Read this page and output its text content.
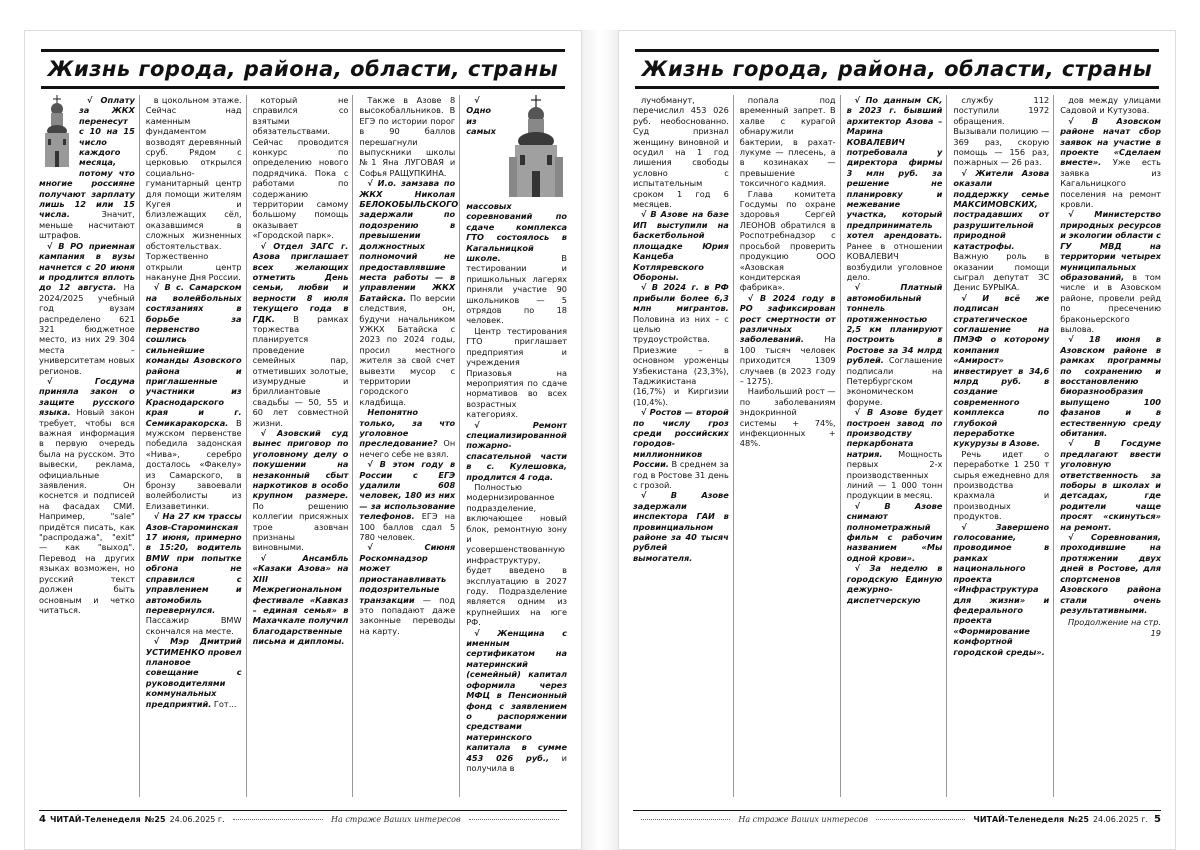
Жизнь города, района, области, страны

√ Оплату за ЖКХ перенесут с 10 на 15 число каждого месяца, потому что многие россияне получают зарплату лишь 12 или 15 числа. Значит, меньше насчитают штрафов.

√ В РО приемная кампания в вузы начнется с 20 июня и продлится вплоть до 12 августа. На 2024/2025 учебный год вузам распределено 621 321 бюджетное место, из них 29 304 места – университетам новых регионов.

√ Госдума приняла закон о защите русского языка. Новый закон требует, чтобы вся важная информация в первую очередь была на русском. Это вывески, реклама, официальные заявления. Он коснется и подписей на фасадах СМИ. Например, "sale" придётся писать, как "распродажа", "exit" — как "выход". Перевод на других языках возможен, но русский текст должен быть основным и четко читаться.

в цокольном этаже. Сейчас над каменным фундаментом возводят деревянный сруб. Рядом с церковью открылся социально-гуманитарный центр для помощи жителям Кугея и близлежащих сёл, оказавшимся в сложных жизненных обстоятельствах. Торжественно открыли центр накануне Дня России.

√ В с. Самарском на волейбольных состязаниях в борьбе за первенство сошлись сильнейшие команды Азовского района и приглашенные участники из Краснодарского края и г. Семикаракорска. В мужском первенстве победила задонская «Нива», серебро досталось «Факелу» из Самарского, в бронзу завоевали волейболисты из Елизаветинки.

√ На 27 км трассы Азов-Староминская 17 июня, примерно в 15:20, водитель BMW при попытке обгона не справился с управлением и автомобиль перевернулся. Пассажир ВМW скончался на месте.

√ Мэр Дмитрий УСТИМЕНКО провел плановое совещание с руководителями коммунальных предприятий. Гот...

который не справился со взятыми обязательствами. Сейчас проводится конкурс по определению нового подрядчика. Пока с работами по содержанию территории самому большому помощь оказывает «Городской парк».

√ Отдел ЗАГС г. Азова приглашает всех желающих отметить День семьи, любви и верности 8 июля текущего года в ГДК. В рамках торжества планируется проведение семейных пар, отметивших золотые, изумрудные и бриллиантовые свадьбы — 50, 55 и 60 лет совместной жизни.

√ Азовский суд вынес приговор по уголовному делу о покушении на незаконный сбыт наркотиков в особо крупном размере. По решению коллегии присяжных трое азовчан признаны виновными.

√ Ансамбль «Казаки Азова» на XIII Межрегиональном фестивале «Кавказ – единая семья» в Махачкале получил благодарственные письма и дипломы.

Также в Азове 8 высокобалльников. В ЕГЭ по истории порог в 90 баллов перешагнули выпускники школы №1 Яна ЛУГОВАЯ и Софья РАЩУПКИНА.

√ И.о. замзава по ЖКХ Николая БЕЛОКОБЫЛЬСКОГО задержали по подозрению в превышении должностных полномочий не предоставлявшие места работы — в управлении ЖКХ Батайска. По версии следствия, он, будучи начальником УЖКХ Батайска с 2023 по 2024 годы, просил местного жителя за свой счет вывезти мусор с территории городского кладбища.

Непонятно только, за что уголовное преследование? Он нечего себе не взял.

√ В этом году в России с ЕГЭ удалили 608 человек, 180 из них — за использование телефонов. ЕГЭ на 100 баллов сдал 5 780 человек.

√ Сиюня Роскомнадзор может приостанавливать подозрительные транзакции — под это попадают даже законные переводы на карту.

√ Одно из самых массовых соревнований по сдаче комплекса ГТО состоялось в Кагальницкой школе. В тестировании и пришкольных лагерях приняли участие 90 школьников — 5 отрядов по 18 человек.

Центр тестирования ГТО приглашает предприятия и учреждения Приазовья на мероприятия по сдаче нормативов во всех возрастных категориях.

√ Ремонт специализированной пожарно-спасательной части в с. Кулешовка, продлится 4 года.

Полностью модернизированное подразделение, включающее новый блок, ремонтную зону и усовершенствованную инфраструктуру, будет введено в эксплуатацию в 2027 году. Подразделение является одним из крупнейших на юге РФ.

√ Женщина с именным сертификатом на материнский (семейный) капитал оформила через МФЦ в Пенсионный фонд с заявлением о распоряжении средствами материнского капитала в сумме 453 026 руб., и получила в

4 ЧИТАЙ-Теленеделя №25 24.06.2025 г.	На страже Ваших интересов
Жизнь города, района, области, страны

лучобманут, перечислил 453 026 руб. необоснованно. Суд признал женщину виновной и осудил на 1 год лишения свободы условно с испытательным сроком 1 год 6 месяцев.

√ В Азове на базе ИП выступили на баскетбольной площадке Юрия Канцеба Котляревского Обороны.

√ В 2024 г. в РФ прибыли более 6,3 млн мигрантов. Половина из них – с целью трудоустройства. Приезжие – в основном уроженцы Узбекистана (23,3%), Таджикистана (16,7%) и Киргизии (10,4%).

√ Ростов — второй по числу гроз среди российских городов-миллионников России. В среднем за год в Ростове 31 день с грозой.

√ В Азове задержали инспектора ГАИ в провинциальном районе за 40 тысяч рублей вымогателя.

попала под временный запрет. В халве с курагой обнаружили бактерии, в рахат-лукуме — плесень, а в козинаках — превышение токсичного кадмия.

Глава комитета Госдумы по охране здоровья Сергей ЛЕОНОВ обратился в Роспотребнадзор с просьбой проверить продукцию ООО «Азовская кондитерская фабрика».

√ В 2024 году в РО зафиксирован рост смертности от различных заболеваний. На 100 тысяч человек приходится 1309 случаев (в 2023 году – 1275).

Наибольший рост — по заболеваниям эндокринной системы + 74%, инфекционных + 48%.

√ По данным СК, в 2023 г. бывший архитектор Азова – Марина КОВАЛЕВИЧ потребовала у директора фирмы 3 млн руб. за решение не планировку и межевание участка, который предприниматель хотел арендовать. Ранее в отношении КОВАЛЕВИЧ возбудили уголовное дело.

√ Платный автомобильный тоннель протяженностью 2,5 км планируют построить в Ростове за 34 млрд рублей. Соглашение подписали на Петербургском экономическом форуме.

√ В Азове будет построен завод по производству перкарбоната натрия. Мощность первых 2-х производственных линий — 1 000 тонн продукции в месяц.

√ В Азове снимают полнометражный фильм с рабочим названием «Мы одной крови».

√ За неделю в городскую Единую дежурно-диспетчерскую

службу 112 поступили 1972 обращения. Вызывали полицию — 369 раз, скорую помощь — 156 раз, пожарных — 26 раз.

√ Жители Азова оказали поддержку семье МАКСИМОВСКИХ, пострадавших от разрушительной природной катастрофы. Важную роль в оказании помощи сыграл депутат ЗС Денис БУРЫКА.

√ И всё же подписан стратегическое соглашение на ПМЭФ о которому компания «Амирост» инвестирует в 34,6 млрд руб. в создание современного комплекса по глубокой переработке кукурузы в Азове.

Речь идет о переработке 1 250 т сырья ежедневно для производства крахмала и производных продуктов.

√ Завершено голосование, проводимое в рамках национального проекта «Инфраструктура для жизни» и федерального проекта «Формирование комфортной городской среды».

дов между улицами Садовой и Кутузова.

√ В Азовском районе начат сбор заявок на участие в проекте «Сделаем вместе». Уже есть заявка из Кагальницкого поселения на ремонт кровли.

√ Министерство природных ресурсов и экологии области с ГУ МВД на территории четырех муниципальных образований, в том числе и в Азовском районе, провели рейд по пресечению браконьерского вылова.

√ 18 июня в Азовском районе в рамках программы по сохранению и восстановлению биоразнообразия выпущено 100 фазанов и в естественную среду обитания.

√ В Госдуме предлагают ввести уголовную ответственность за поборы в школах и детсадах, где родители чаще просят «скинуться» на ремонт.

√ Соревнования, проходившие на протяжении двух дней в Ростове, для спортсменов Азовского района стали очень результативными.

Продолжение на стр. 19

На страже Ваших интересов	ЧИТАЙ-Теленеделя №25 24.06.2025 г. 5
